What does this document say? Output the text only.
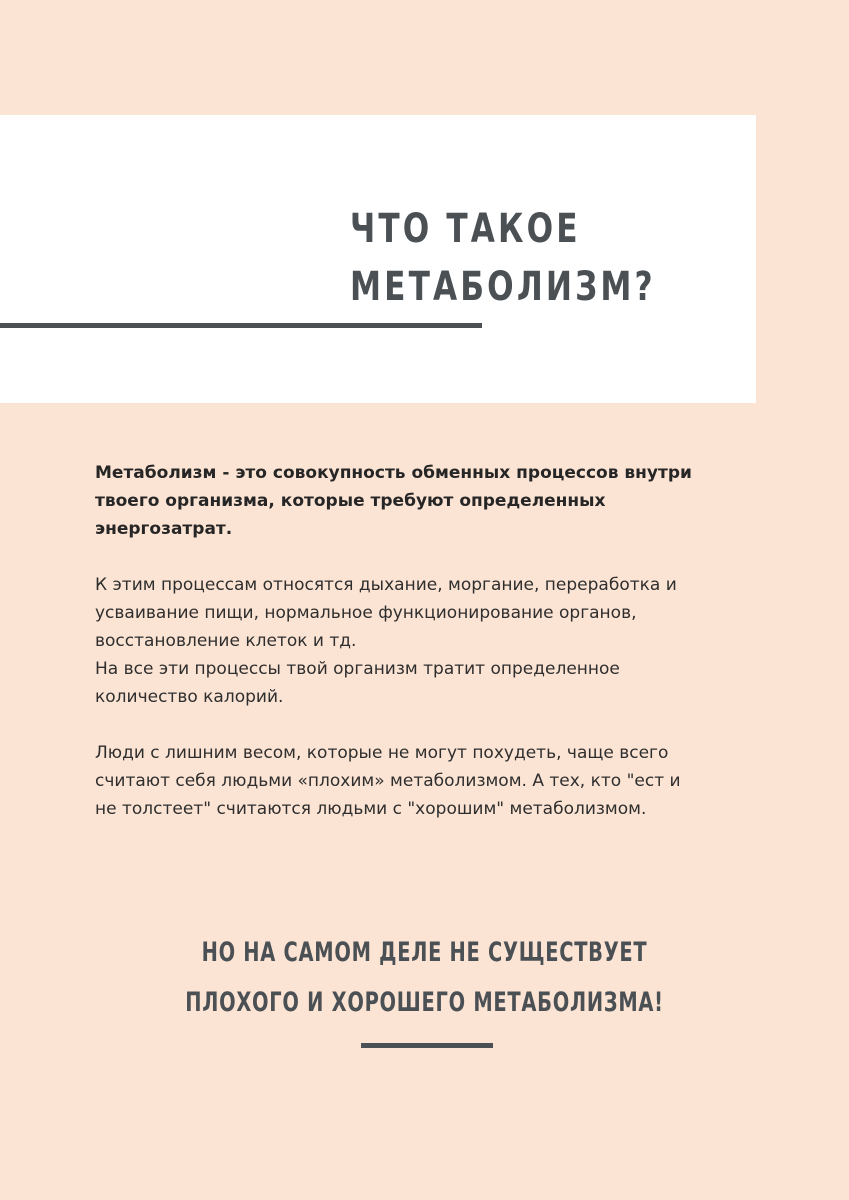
ЧТО ТАКОЕ
МЕТАБОЛИЗМ?

Метаболизм - это совокупность обменных процессов внутри
твоего организма, которые требуют определенных
энергозатрат.

К этим процессам относятся дыхание, моргание, переработка и
усваивание пищи, нормальное функционирование органов,
восстановление клеток и тд.
На все эти процессы твой организм тратит определенное
количество калорий.

Люди с лишним весом, которые не могут похудеть, чаще всего
считают себя людьми «плохим» метаболизмом. А тех, кто "ест и
не толстеет" считаются людьми с "хорошим" метаболизмом.

НО НА САМОМ ДЕЛЕ НЕ СУЩЕСТВУЕТ
ПЛОХОГО И ХОРОШЕГО МЕТАБОЛИЗМА!
